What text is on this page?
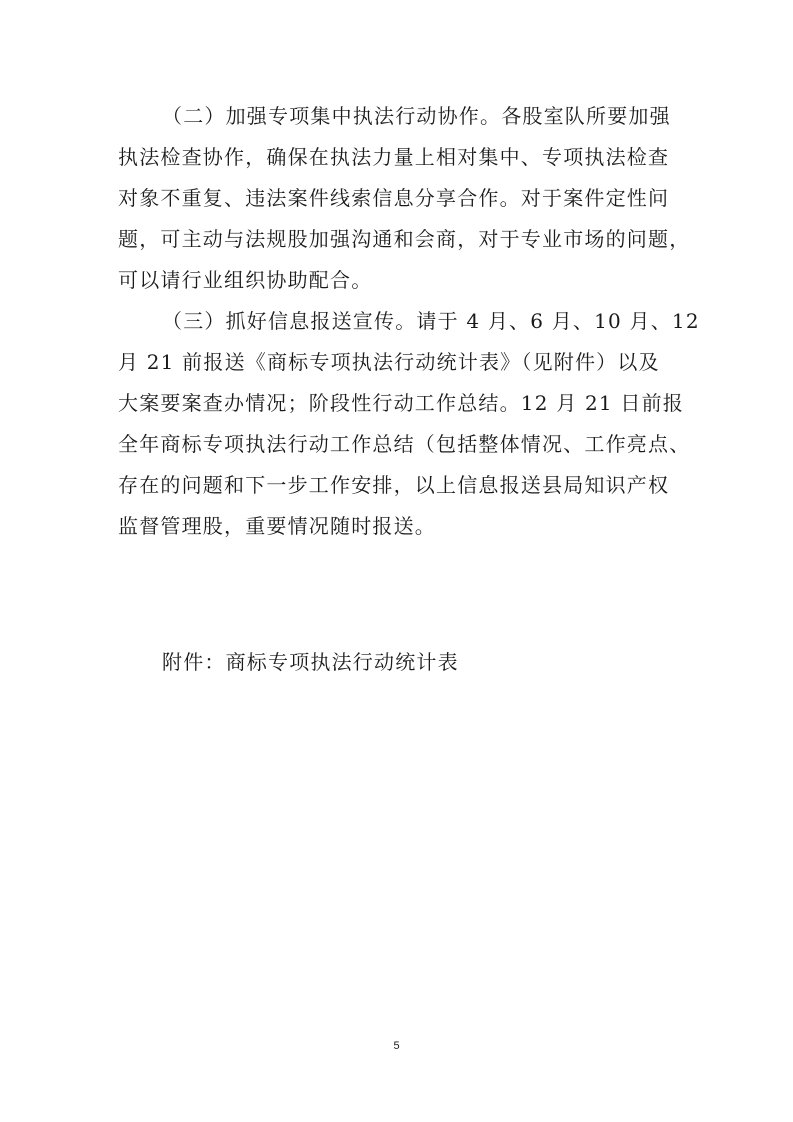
（二）加强专项集中执法行动协作。各股室队所要加强
执法检查协作，确保在执法力量上相对集中、专项执法检查
对象不重复、违法案件线索信息分享合作。对于案件定性问
题，可主动与法规股加强沟通和会商，对于专业市场的问题，
可以请行业组织协助配合。

（三）抓好信息报送宣传。请于 4 月、6 月、10 月、12
月 21 前报送《商标专项执法行动统计表》（见附件）以及
大案要案查办情况；阶段性行动工作总结。12 月 21 日前报
全年商标专项执法行动工作总结（包括整体情况、工作亮点、
存在的问题和下一步工作安排，以上信息报送县局知识产权
监督管理股，重要情况随时报送。

附件：商标专项执法行动统计表
5
